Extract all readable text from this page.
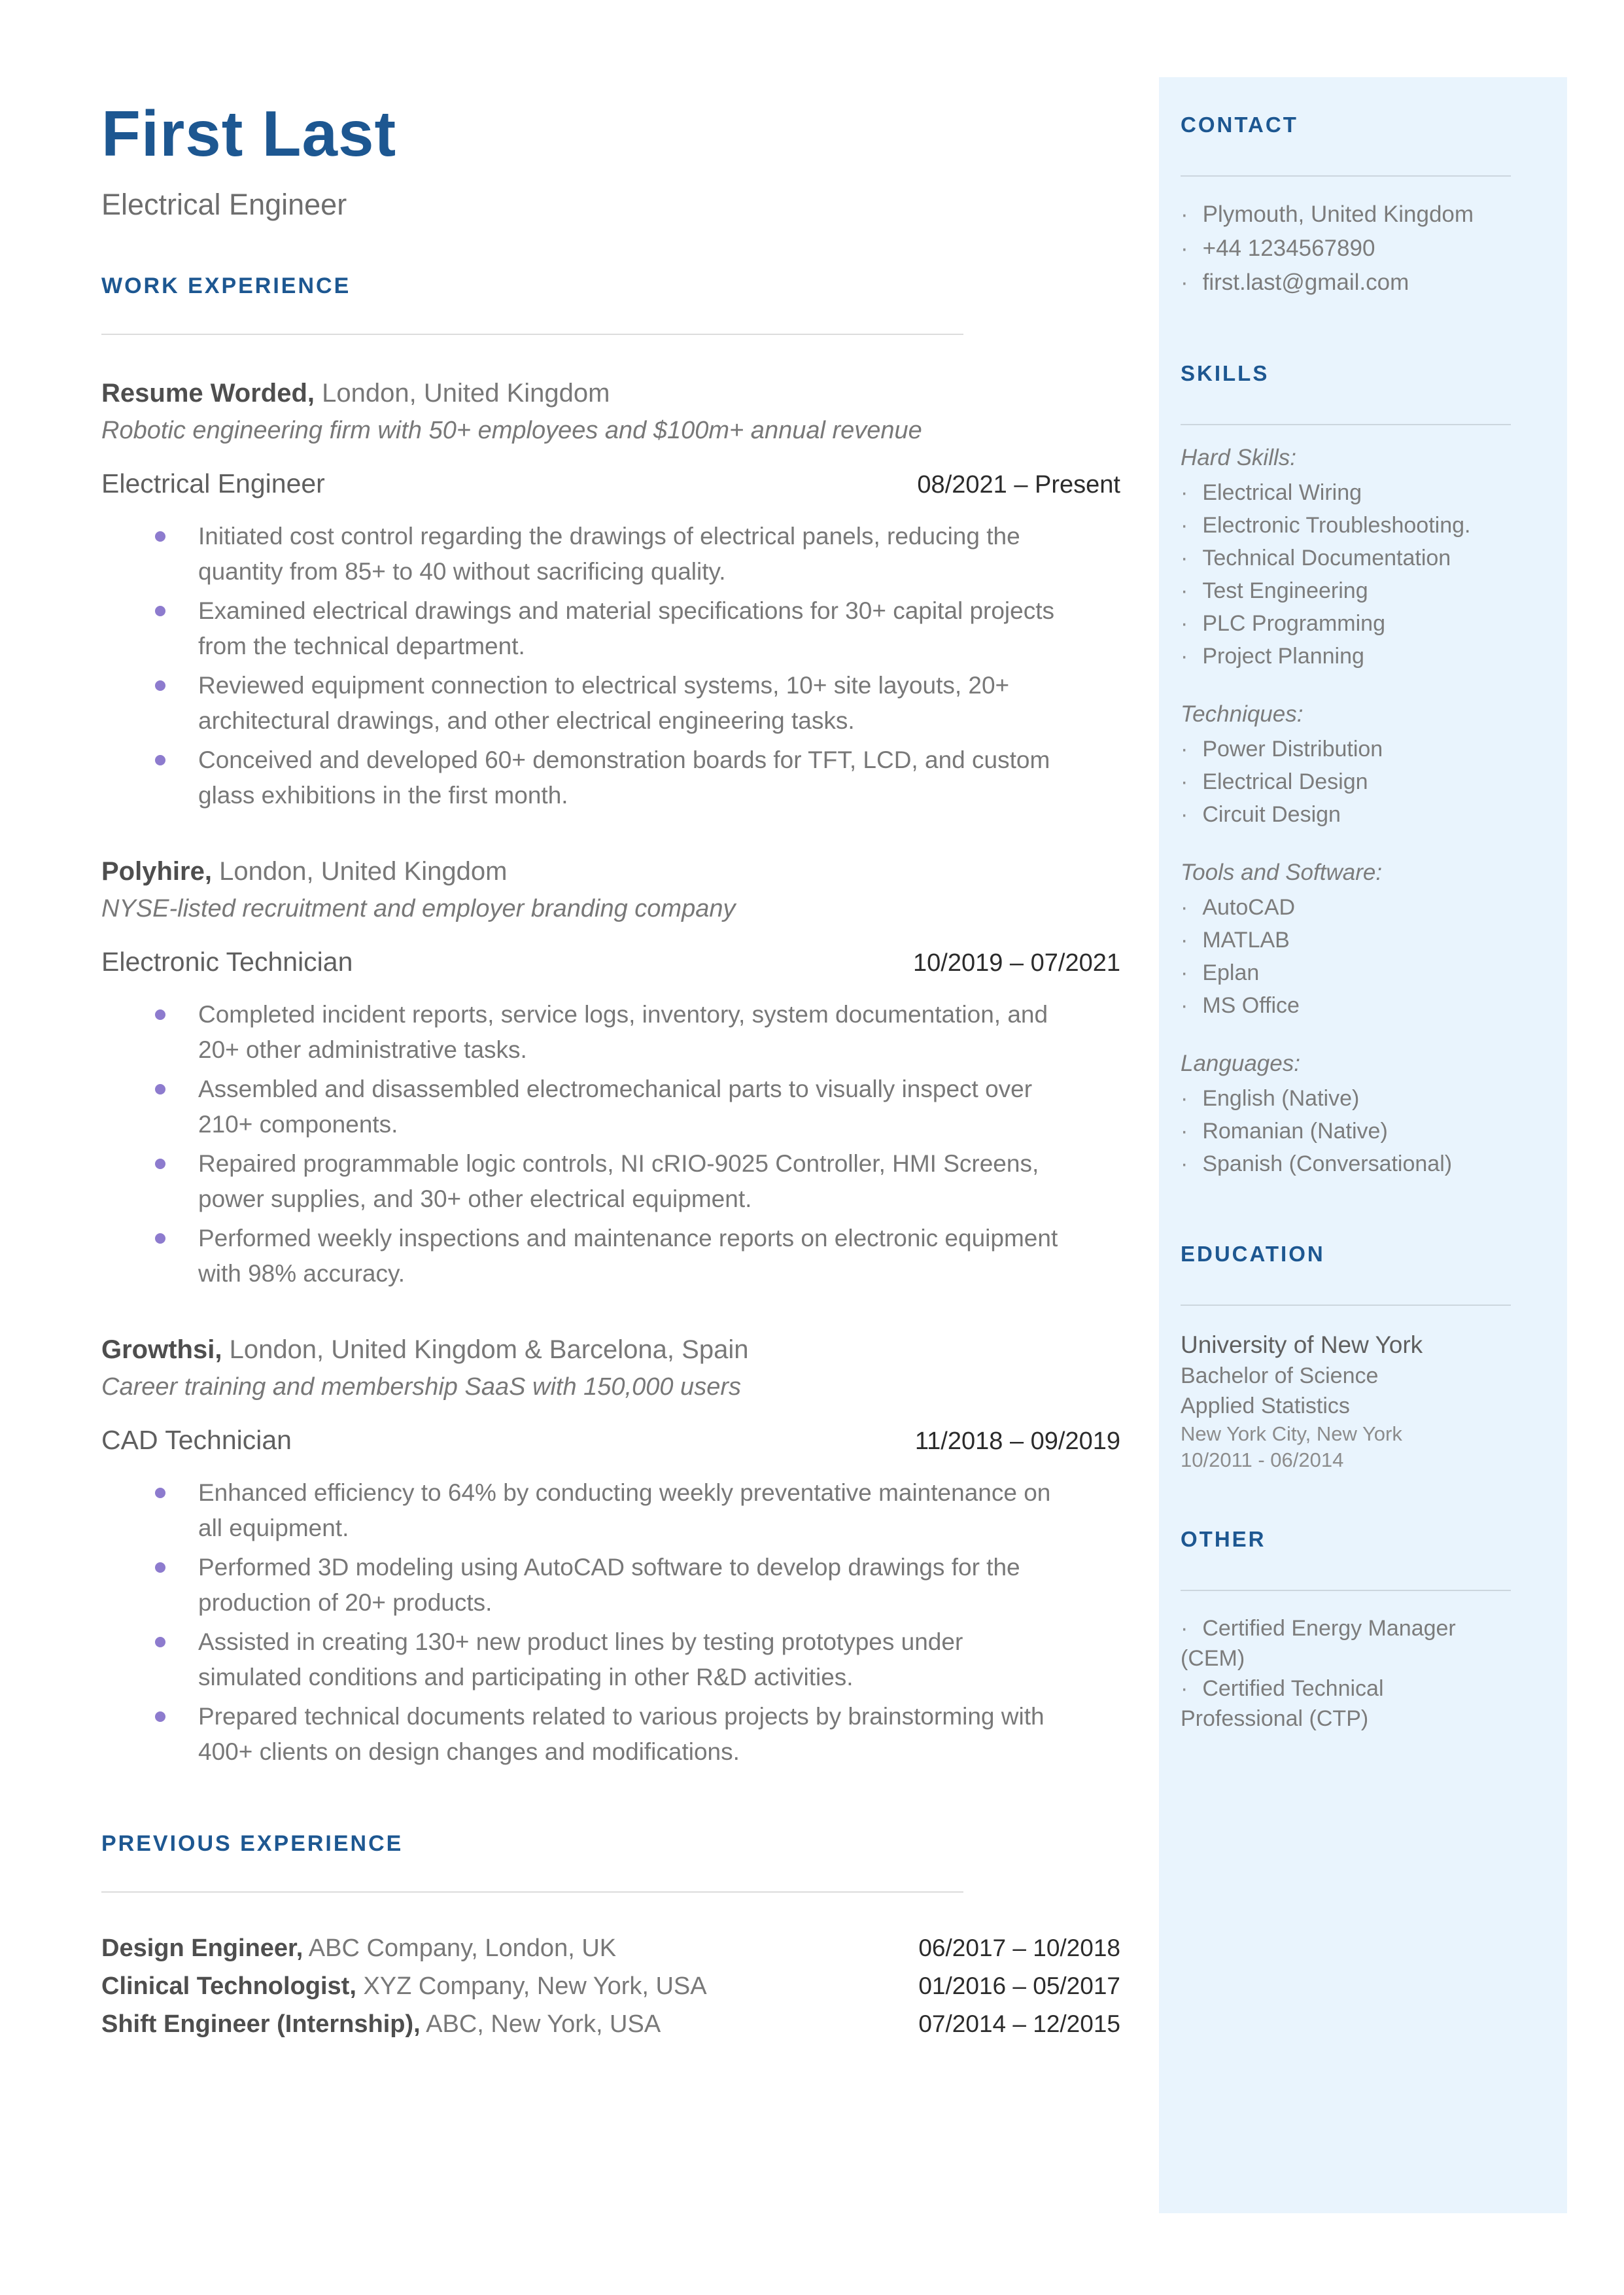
First Last
Electrical Engineer
WORK EXPERIENCE
Resume Worded, London, United Kingdom
Robotic engineering firm with 50+ employees and $100m+ annual revenue
Electrical Engineer	08/2021 – Present
Initiated cost control regarding the drawings of electrical panels, reducing the quantity from 85+ to 40 without sacrificing quality.
Examined electrical drawings and material specifications for 30+ capital projects from the technical department.
Reviewed equipment connection to electrical systems, 10+ site layouts, 20+ architectural drawings, and other electrical engineering tasks.
Conceived and developed 60+ demonstration boards for TFT, LCD, and custom glass exhibitions in the first month.
Polyhire, London, United Kingdom
NYSE-listed recruitment and employer branding company
Electronic Technician	10/2019 – 07/2021
Completed incident reports, service logs, inventory, system documentation, and 20+ other administrative tasks.
Assembled and disassembled electromechanical parts to visually inspect over 210+ components.
Repaired programmable logic controls, NI cRIO-9025 Controller, HMI Screens, power supplies, and 30+ other electrical equipment.
Performed weekly inspections and maintenance reports on electronic equipment with 98% accuracy.
Growthsi, London, United Kingdom & Barcelona, Spain
Career training and membership SaaS with 150,000 users
CAD Technician	11/2018 – 09/2019
Enhanced efficiency to 64% by conducting weekly preventative maintenance on all equipment.
Performed 3D modeling using AutoCAD software to develop drawings for the production of 20+ products.
Assisted in creating 130+ new product lines by testing prototypes under simulated conditions and participating in other R&D activities.
Prepared technical documents related to various projects by brainstorming with 400+ clients on design changes and modifications.
PREVIOUS EXPERIENCE
Design Engineer, ABC Company, London, UK	06/2017 – 10/2018
Clinical Technologist, XYZ Company, New York, USA	01/2016 – 05/2017
Shift Engineer (Internship), ABC, New York, USA	07/2014 – 12/2015
CONTACT
· Plymouth, United Kingdom
· +44 1234567890
· first.last@gmail.com
SKILLS
Hard Skills:
· Electrical Wiring
· Electronic Troubleshooting.
· Technical Documentation
· Test Engineering
· PLC Programming
· Project Planning
Techniques:
· Power Distribution
· Electrical Design
· Circuit Design
Tools and Software:
· AutoCAD
· MATLAB
· Eplan
· MS Office
Languages:
· English (Native)
· Romanian (Native)
· Spanish (Conversational)
EDUCATION
University of New York
Bachelor of Science
Applied Statistics
New York City, New York
10/2011 - 06/2014
OTHER
· Certified Energy Manager (CEM)
· Certified Technical Professional (CTP)
